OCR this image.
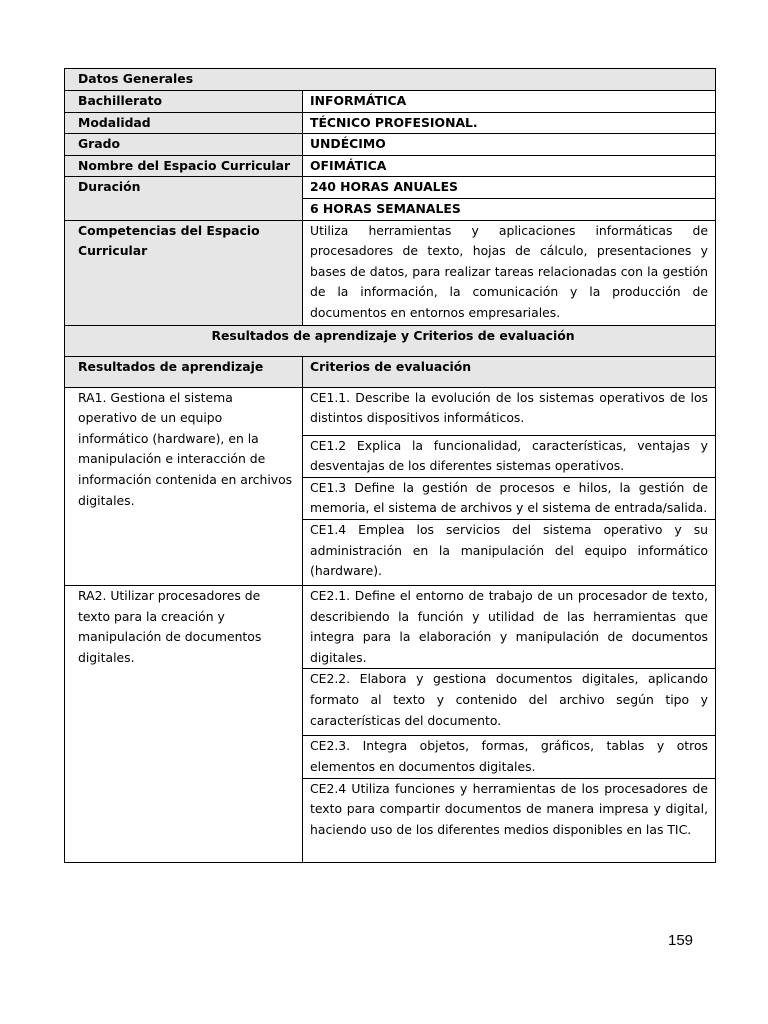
Datos Generales	
Bachillerato	INFORMÁTICA
Modalidad	TÉCNICO PROFESIONAL.
Grado	UNDÉCIMO
Nombre del Espacio Curricular	OFIMÁTICA
Duración	240 HORAS ANUALES
	6 HORAS SEMANALES
Competencias del Espacio Curricular	Utiliza herramientas y aplicaciones informáticas de procesadores de texto, hojas de cálculo, presentaciones y bases de datos, para realizar tareas relacionadas con la gestión de la información, la comunicación y la producción de documentos en entornos empresariales.
Resultados de aprendizaje y Criterios de evaluación	
Resultados de aprendizaje	Criterios de evaluación
RA1. Gestiona el sistema operativo de un equipo informático (hardware), en la manipulación e interacción de información contenida en archivos digitales.	CE1.1. Describe la evolución de los sistemas operativos de los distintos dispositivos informáticos.
	CE1.2 Explica la funcionalidad, características, ventajas y desventajas de los diferentes sistemas operativos.
	CE1.3 Define la gestión de procesos e hilos, la gestión de memoria, el sistema de archivos y el sistema de entrada/salida.
	CE1.4 Emplea los servicios del sistema operativo y su administración en la manipulación del equipo informático (hardware).
RA2. Utilizar procesadores de texto para la creación y manipulación de documentos digitales.	CE2.1. Define el entorno de trabajo de un procesador de texto, describiendo la función y utilidad de las herramientas que integra para la elaboración y manipulación de documentos digitales.
	CE2.2. Elabora y gestiona documentos digitales, aplicando formato al texto y contenido del archivo según tipo y características del documento.
	CE2.3. Integra objetos, formas, gráficos, tablas y otros elementos en documentos digitales.
	CE2.4 Utiliza funciones y herramientas de los procesadores de texto para compartir documentos de manera impresa y digital, haciendo uso de los diferentes medios disponibles en las TIC.
159
